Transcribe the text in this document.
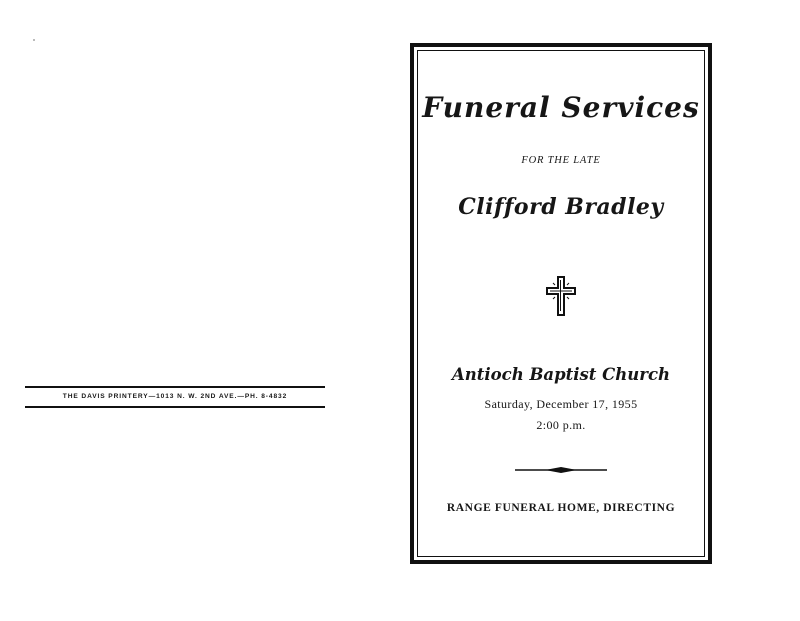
THE DAVIS PRINTERY—1013 N. W. 2ND AVE.—PH. 8-4832
Funeral Services
FOR THE LATE
Clifford Bradley
Antioch Baptist Church
Saturday, December 17, 1955
2:00 p.m.
RANGE FUNERAL HOME, DIRECTING
